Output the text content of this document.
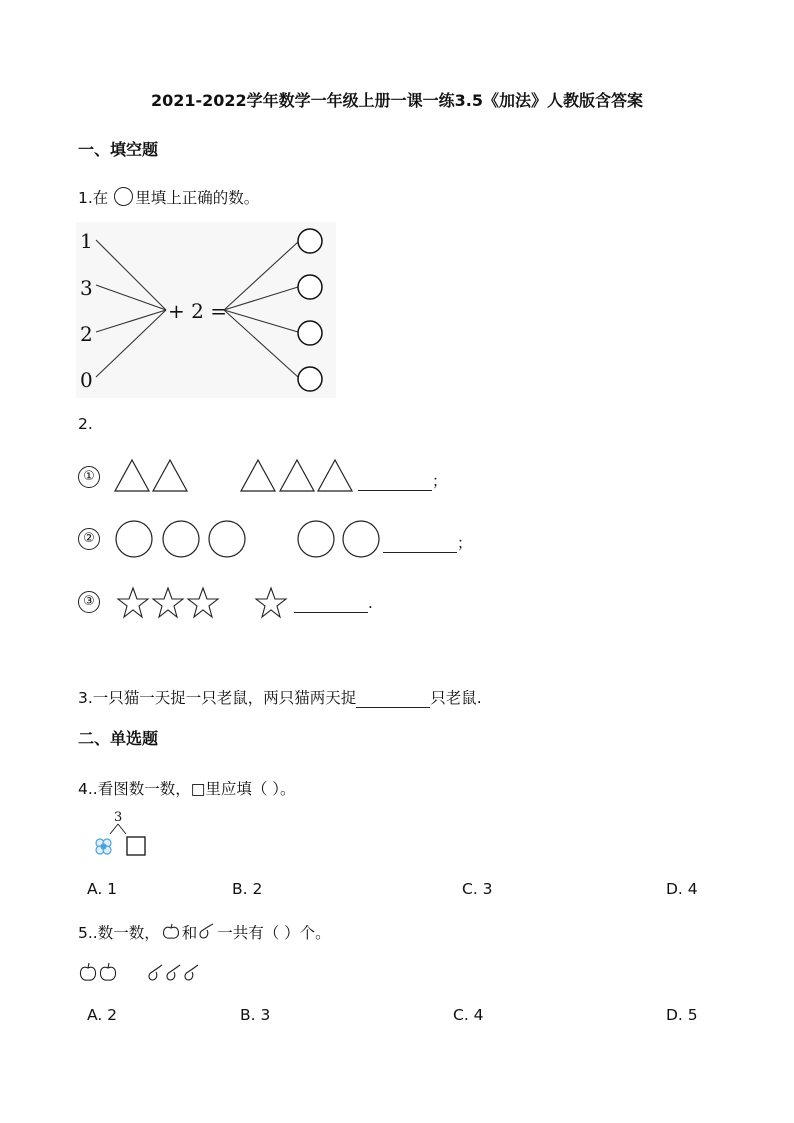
2021-2022学年数学一年级上册一课一练3.5《加法》人教版含答案
一、填空题
1.在 里填上正确的数。
1
3
2
0
+ 2 =
2.
①	；
②	；
③	.
3.一只猫一天捉一只老鼠，两只猫两天捉	只老鼠.
二、单选题
4..看图数一数，□里应填（ ）。
3
A. 1	B. 2	C. 3	D. 4
5..数一数， 和 一共有（ ）个。
A. 2	B. 3	C. 4	D. 5
